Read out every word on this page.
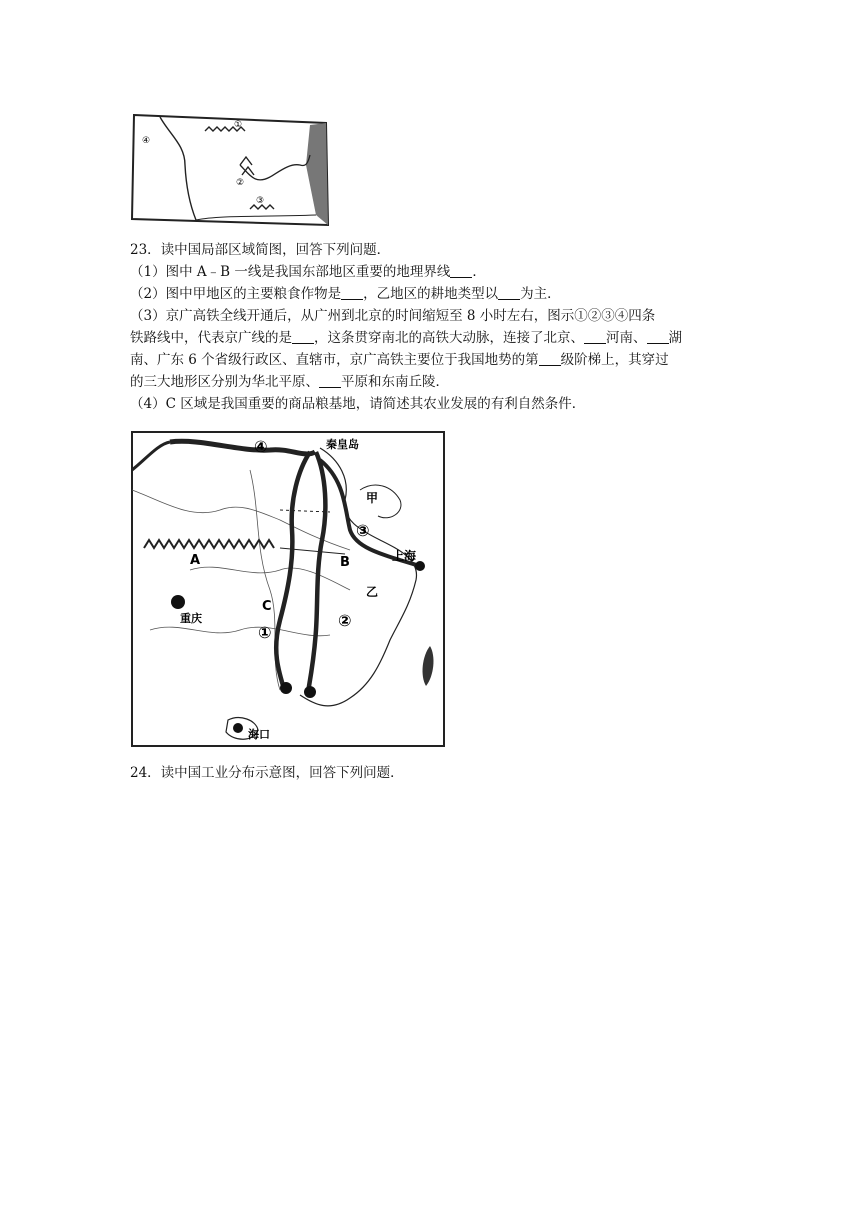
④
①
②
③
23．读中国局部区域简图，回答下列问题．
（1）图中 A﹣B 一线是我国东部地区重要的地理界线 ．
（2）图中甲地区的主要粮食作物是 ，乙地区的耕地类型以 为主．
（3）京广高铁全线开通后，从广州到北京的时间缩短至 8 小时左右，图示①②③④四条
铁路线中，代表京广线的是 ，这条贯穿南北的高铁大动脉，连接了北京、 河南、 湖
南、广东 6 个省级行政区、直辖市，京广高铁主要位于我国地势的第 级阶梯上，其穿过
的三大地形区分别为华北平原、 平原和东南丘陵．
（4）C 区域是我国重要的商品粮基地，请简述其农业发展的有利自然条件．
④	秦皇岛
甲
③
A	B	上海
乙
重庆
C
①
②
海口
24．读中国工业分布示意图，回答下列问题．
